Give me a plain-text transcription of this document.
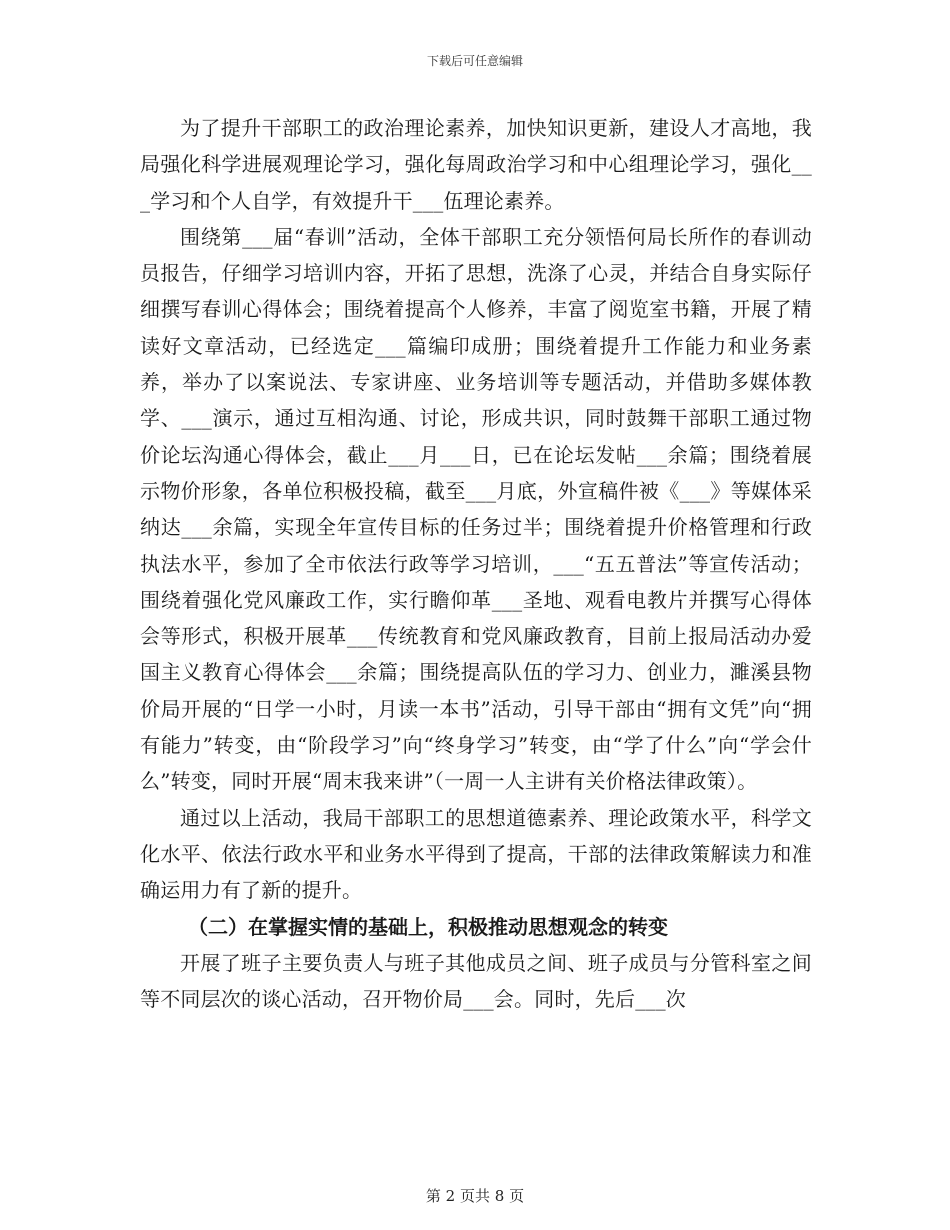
下载后可任意编辑

为了提升干部职工的政治理论素养，加快知识更新，建设人才高地，我局强化科学进展观理论学习，强化每周政治学习和中心组理论学习，强化___学习和个人自学，有效提升干___伍理论素养。

围绕第___届“春训”活动，全体干部职工充分领悟何局长所作的春训动员报告，仔细学习培训内容，开拓了思想，洗涤了心灵，并结合自身实际仔细撰写春训心得体会；围绕着提高个人修养，丰富了阅览室书籍，开展了精读好文章活动，已经选定___篇编印成册；围绕着提升工作能力和业务素养，举办了以案说法、专家讲座、业务培训等专题活动，并借助多媒体教学、___演示，通过互相沟通、讨论，形成共识，同时鼓舞干部职工通过物价论坛沟通心得体会，截止___月___日，已在论坛发帖___余篇；围绕着展示物价形象，各单位积极投稿，截至___月底，外宣稿件被《___》等媒体采纳达___余篇，实现全年宣传目标的任务过半；围绕着提升价格管理和行政执法水平，参加了全市依法行政等学习培训，___“五五普法”等宣传活动；围绕着强化党风廉政工作，实行瞻仰革___圣地、观看电教片并撰写心得体会等形式，积极开展革___传统教育和党风廉政教育，目前上报局活动办爱国主义教育心得体会___余篇；围绕提高队伍的学习力、创业力，濉溪县物价局开展的“日学一小时，月读一本书”活动，引导干部由“拥有文凭”向“拥有能力”转变，由“阶段学习”向“终身学习”转变，由“学了什么”向“学会什么”转变，同时开展“周末我来讲”（一周一人主讲有关价格法律政策）。

通过以上活动，我局干部职工的思想道德素养、理论政策水平，科学文化水平、依法行政水平和业务水平得到了提高，干部的法律政策解读力和准确运用力有了新的提升。

（二）在掌握实情的基础上，积极推动思想观念的转变

开展了班子主要负责人与班子其他成员之间、班子成员与分管科室之间等不同层次的谈心活动，召开物价局___会。同时，先后___次

第 2 页共 8 页
